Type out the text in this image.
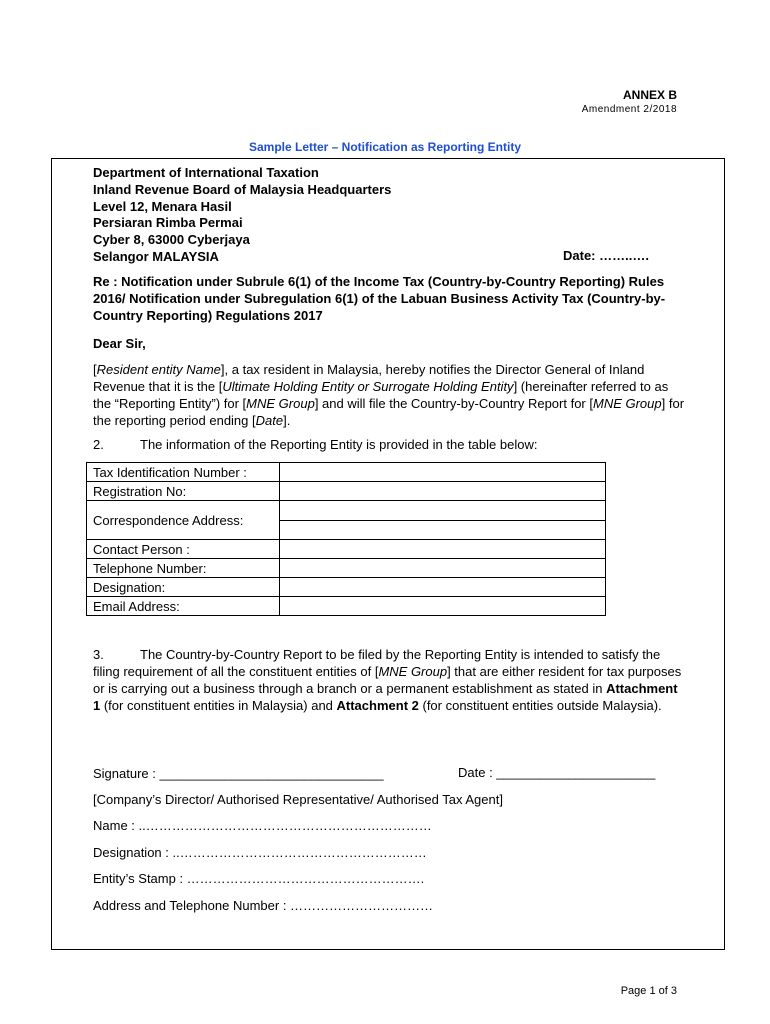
ANNEX B
Amendment 2/2018
Sample Letter – Notification as Reporting Entity
Department of International Taxation
Inland Revenue Board of Malaysia Headquarters
Level 12, Menara Hasil
Persiaran Rimba Permai
Cyber 8, 63000 Cyberjaya
Selangor MALAYSIA	Date: ……..….
Re : Notification under Subrule 6(1) of the Income Tax (Country-by-Country Reporting) Rules 2016/ Notification under Subregulation 6(1) of the Labuan Business Activity Tax (Country-by-Country Reporting) Regulations 2017
Dear Sir,
[Resident entity Name], a tax resident in Malaysia, hereby notifies the Director General of Inland Revenue that it is the [Ultimate Holding Entity or Surrogate Holding Entity] (hereinafter referred to as the “Reporting Entity”) for [MNE Group] and will file the Country-by-Country Report for [MNE Group] for the reporting period ending [Date].
2.	The information of the Reporting Entity is provided in the table below:
Tax Identification Number :	
Registration No:	
Correspondence Address:	

Contact Person :	
Telephone Number:	
Designation:	
Email Address:	
3.	The Country-by-Country Report to be filed by the Reporting Entity is intended to satisfy the filing requirement of all the constituent entities of [MNE Group] that are either resident for tax purposes or is carrying out a business through a branch or a permanent establishment as stated in Attachment 1 (for constituent entities in Malaysia) and Attachment 2 (for constituent entities outside Malaysia).
Signature : _______________________________	Date : ______________________
[Company’s Director/ Authorised Representative/ Authorised Tax Agent]
Name : ..…………………………………………………………
Designation : ..…………………………………………………
Entity’s Stamp : ……………………………………………….
Address and Telephone Number : ……………………………
Page 1 of 3
